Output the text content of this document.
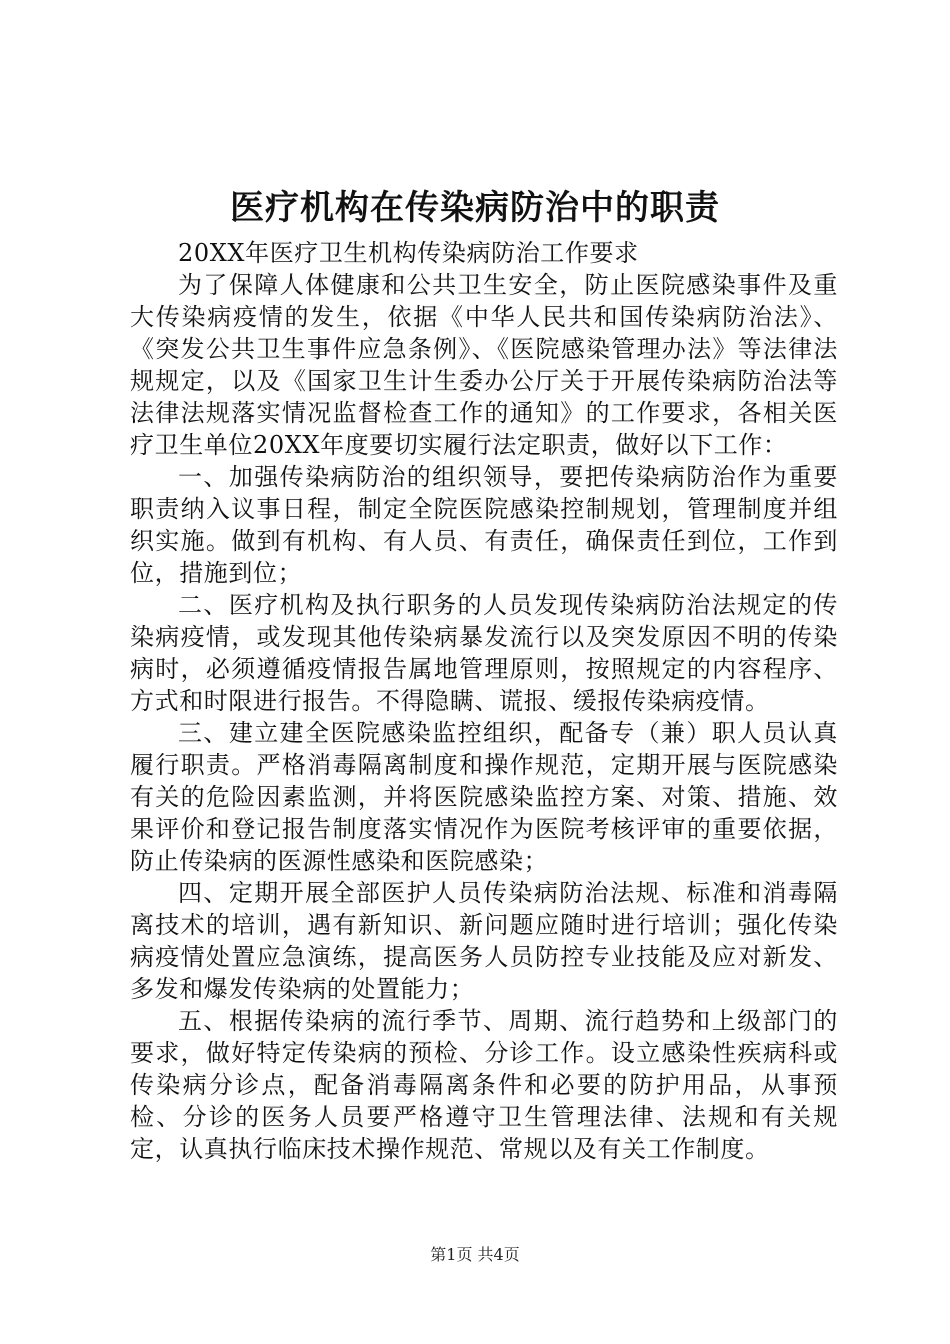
医疗机构在传染病防治中的职责

20XX年医疗卫生机构传染病防治工作要求

为了保障人体健康和公共卫生安全，防止医院感染事件及重大传染病疫情的发生，依据《中华人民共和国传染病防治法》、《突发公共卫生事件应急条例》、《医院感染管理办法》等法律法规规定，以及《国家卫生计生委办公厅关于开展传染病防治法等法律法规落实情况监督检查工作的通知》的工作要求，各相关医疗卫生单位20XX年度要切实履行法定职责，做好以下工作：

一、加强传染病防治的组织领导，要把传染病防治作为重要职责纳入议事日程，制定全院医院感染控制规划，管理制度并组织实施。做到有机构、有人员、有责任，确保责任到位，工作到位，措施到位；

二、医疗机构及执行职务的人员发现传染病防治法规定的传染病疫情，或发现其他传染病暴发流行以及突发原因不明的传染病时，必须遵循疫情报告属地管理原则，按照规定的内容程序、方式和时限进行报告。不得隐瞒、谎报、缓报传染病疫情。

三、建立建全医院感染监控组织，配备专（兼）职人员认真履行职责。严格消毒隔离制度和操作规范，定期开展与医院感染有关的危险因素监测，并将医院感染监控方案、对策、措施、效果评价和登记报告制度落实情况作为医院考核评审的重要依据，防止传染病的医源性感染和医院感染；

四、定期开展全部医护人员传染病防治法规、标准和消毒隔离技术的培训，遇有新知识、新问题应随时进行培训；强化传染病疫情处置应急演练，提高医务人员防控专业技能及应对新发、多发和爆发传染病的处置能力；

五、根据传染病的流行季节、周期、流行趋势和上级部门的要求，做好特定传染病的预检、分诊工作。设立感染性疾病科或传染病分诊点，配备消毒隔离条件和必要的防护用品，从事预检、分诊的医务人员要严格遵守卫生管理法律、法规和有关规定，认真执行临床技术操作规范、常规以及有关工作制度。

第1页 共4页
